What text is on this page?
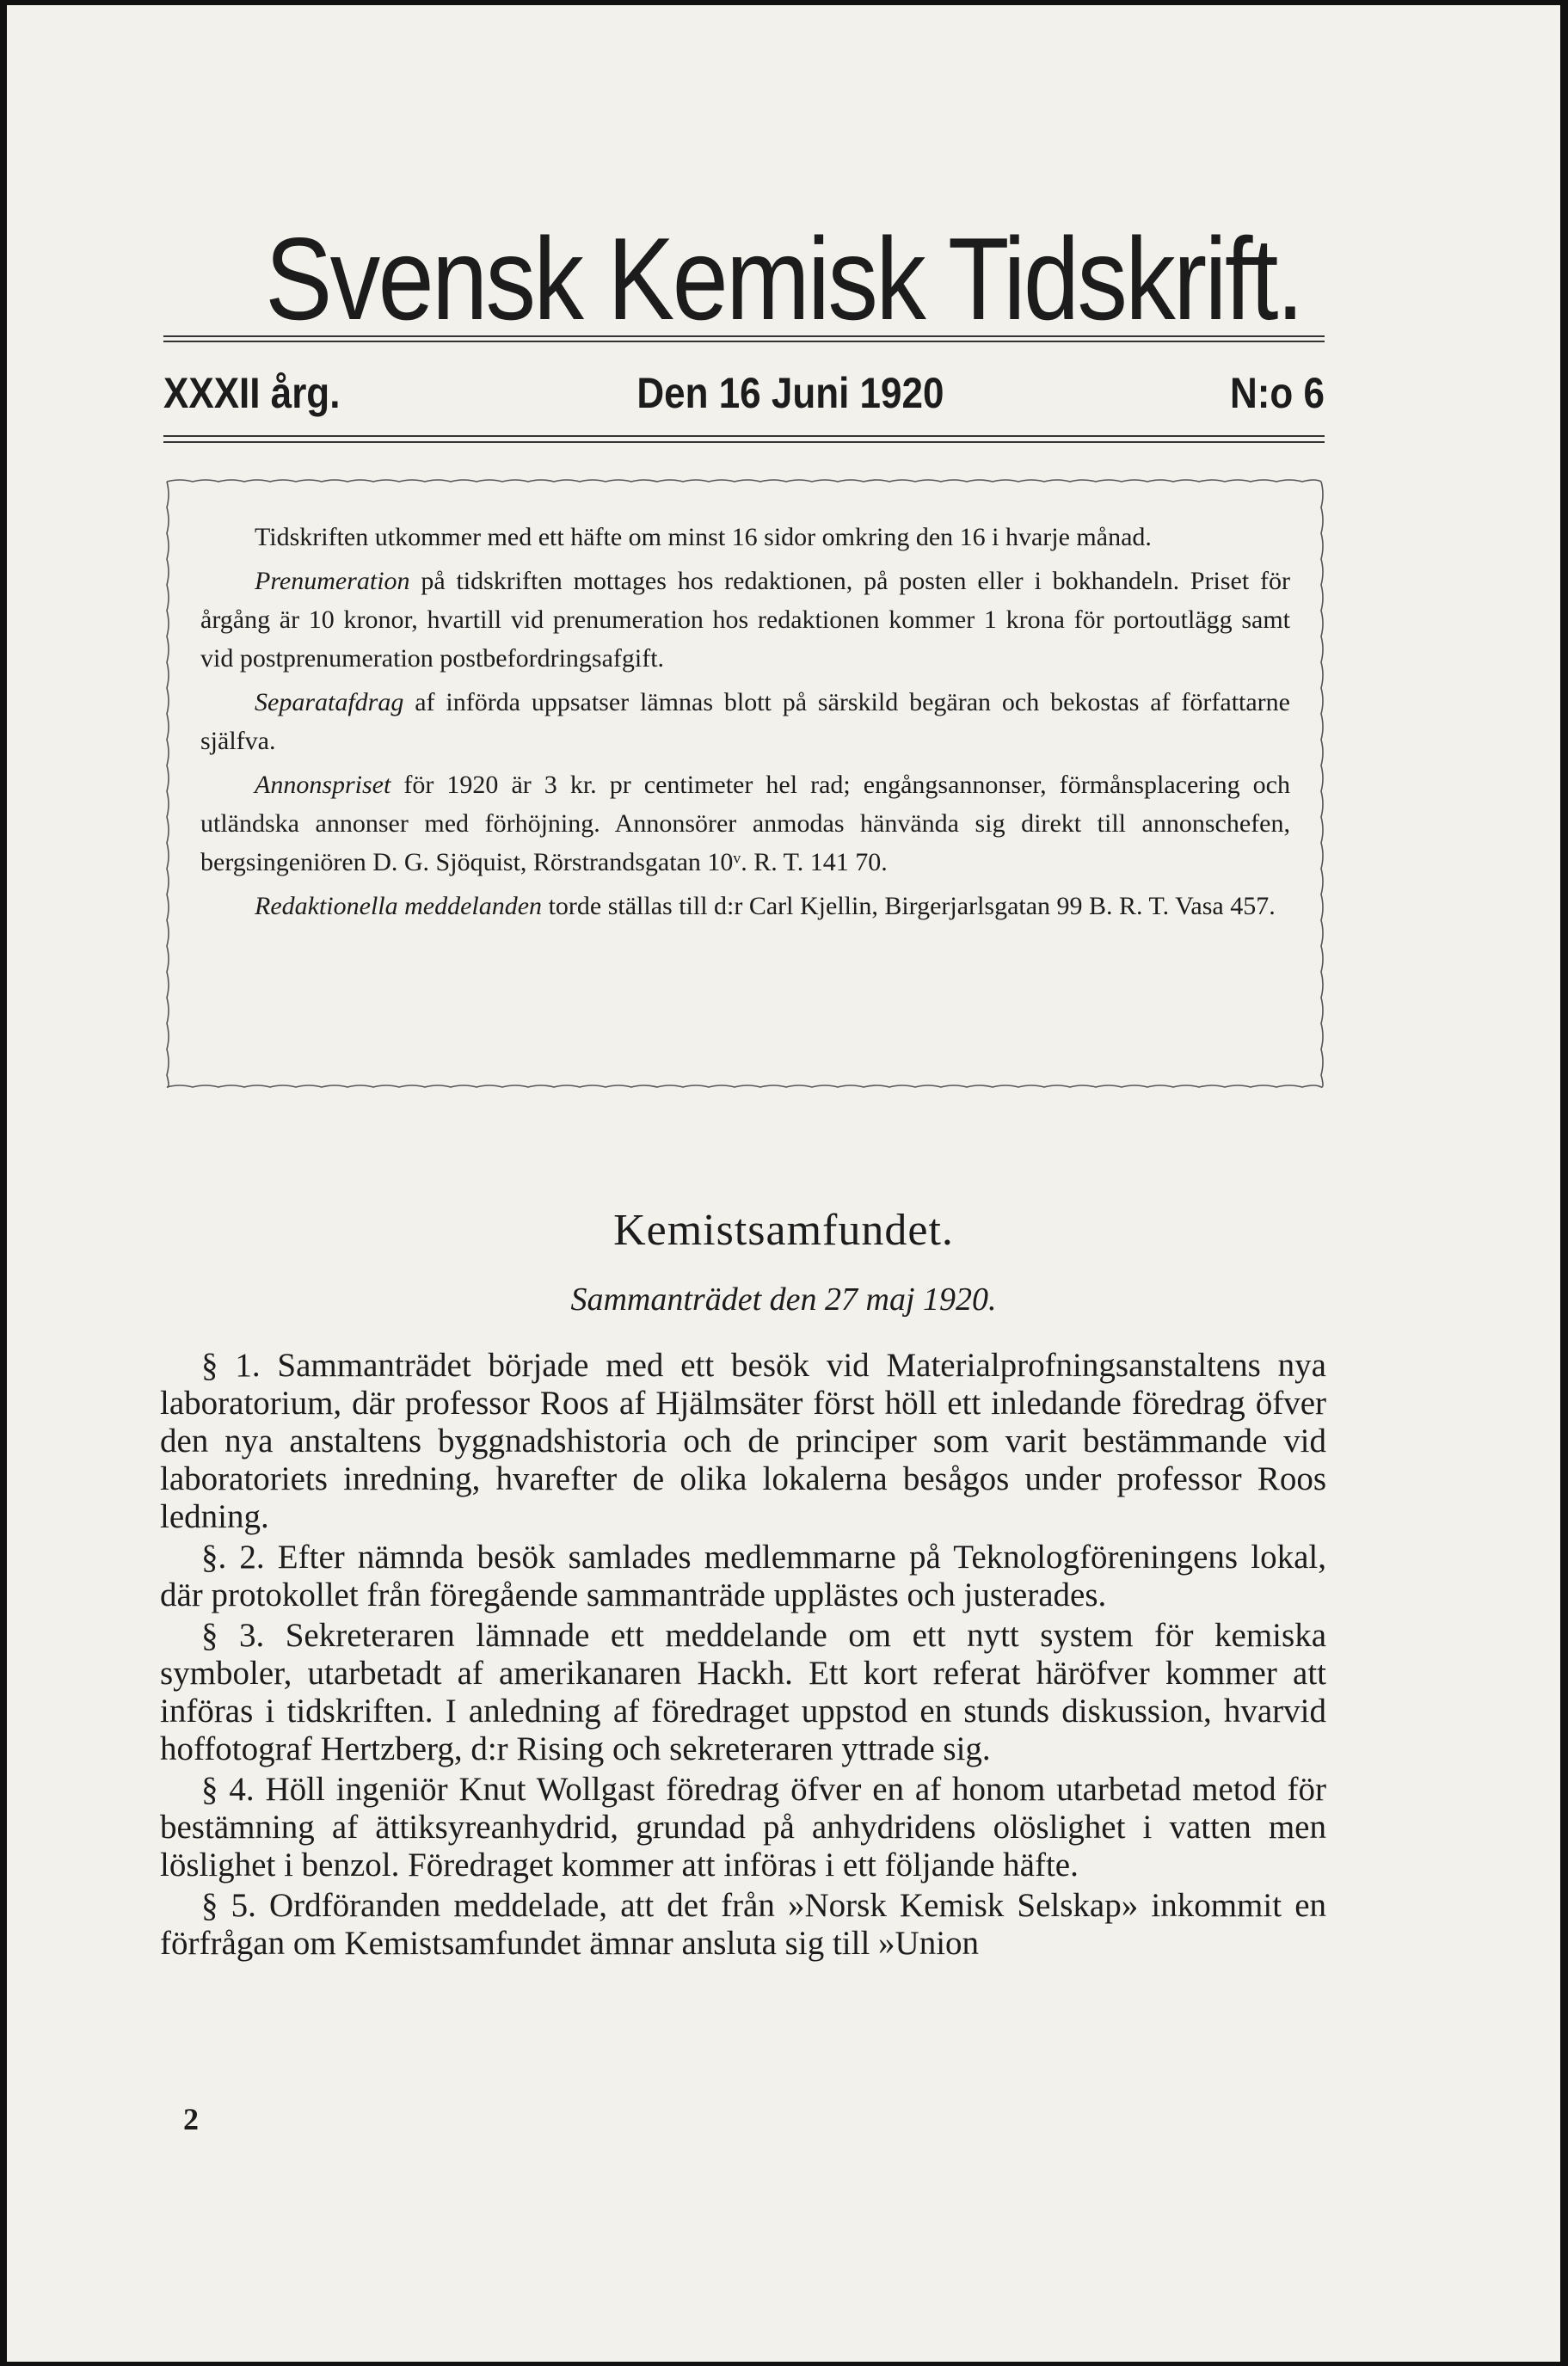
Svensk Kemisk Tidskrift.
XXXII årg.	Den 16 Juni 1920	N:o 6

Tidskriften utkommer med ett häfte om minst 16 sidor omkring den 16 i hvarje månad.

Prenumeration på tidskriften mottages hos redaktionen, på posten eller i bokhandeln. Priset för årgång är 10 kronor, hvartill vid prenumeration hos redaktionen kommer 1 krona för portoutlägg samt vid postprenumeration postbefordringsafgift.

Separatafdrag af införda uppsatser lämnas blott på särskild begäran och bekostas af författarne själfva.

Annonspriset för 1920 är 3 kr. pr centimeter hel rad; engångsannonser, förmånsplacering och utländska annonser med förhöjning. Annonsörer anmodas hänvända sig direkt till annonschefen, bergsingeniören D. G. Sjöquist, Rörstrandsgatan 10ᵛ. R. T. 141 70.

Redaktionella meddelanden torde ställas till d:r Carl Kjellin, Birgerjarlsgatan 99 B. R. T. Vasa 457.

Kemistsamfundet.
Sammanträdet den 27 maj 1920.

§ 1. Sammanträdet började med ett besök vid Materialprofningsanstaltens nya laboratorium, där professor Roos af Hjälmsäter först höll ett inledande föredrag öfver den nya anstaltens byggnadshistoria och de principer som varit bestämmande vid laboratoriets inredning, hvarefter de olika lokalerna besågos under professor Roos ledning.

§. 2. Efter nämnda besök samlades medlemmarne på Teknologföreningens lokal, där protokollet från föregående sammanträde upplästes och justerades.

§ 3. Sekreteraren lämnade ett meddelande om ett nytt system för kemiska symboler, utarbetadt af amerikanaren Hackh. Ett kort referat häröfver kommer att införas i tidskriften. I anledning af föredraget uppstod en stunds diskussion, hvarvid hoffotograf Hertzberg, d:r Rising och sekreteraren yttrade sig.

§ 4. Höll ingeniör Knut Wollgast föredrag öfver en af honom utarbetad metod för bestämning af ättiksyreanhydrid, grundad på anhydridens olöslighet i vatten men löslighet i benzol. Föredraget kommer att införas i ett följande häfte.

§ 5. Ordföranden meddelade, att det från »Norsk Kemisk Selskap» inkommit en förfrågan om Kemistsamfundet ämnar ansluta sig till »Union

2
